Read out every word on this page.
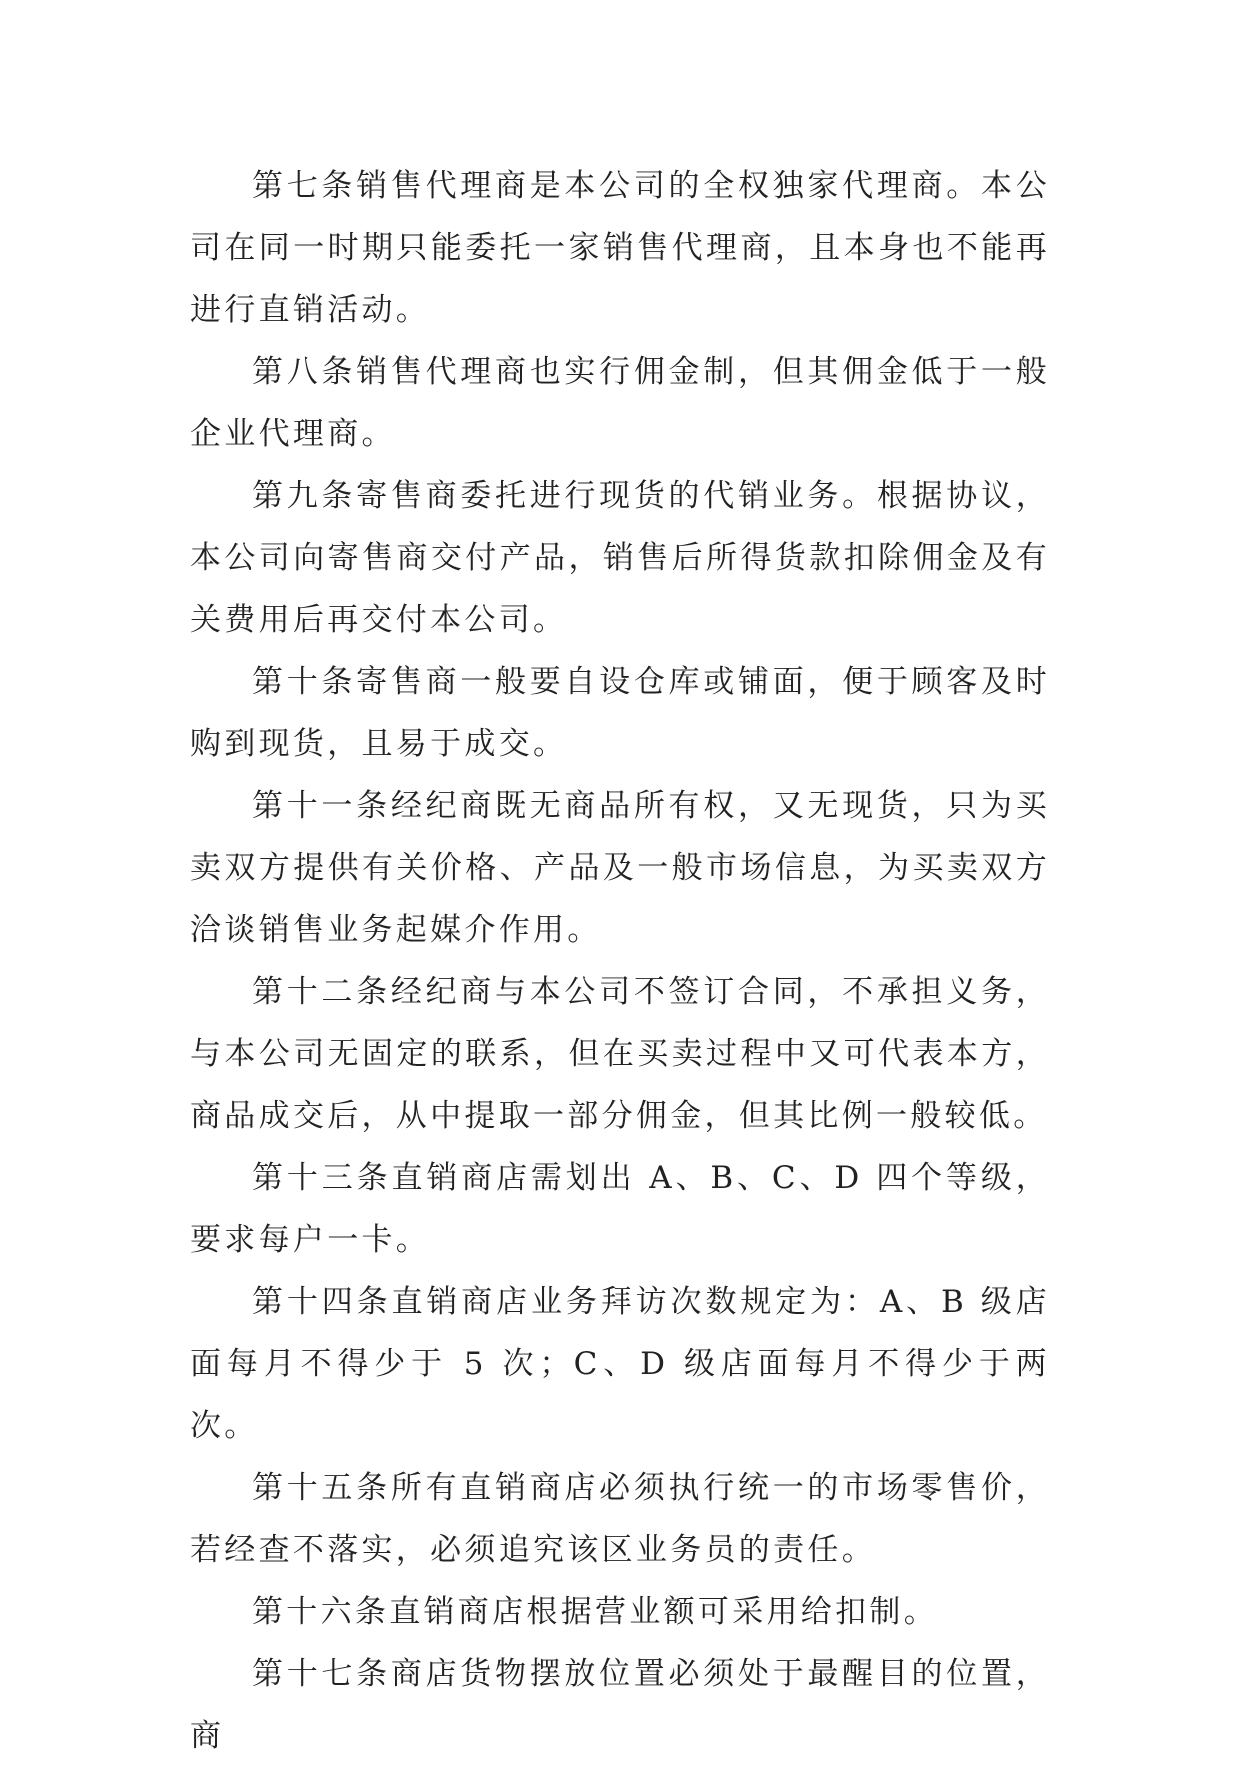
第七条销售代理商是本公司的全权独家代理商。本公司在同一时期只能委托一家销售代理商，且本身也不能再进行直销活动。

第八条销售代理商也实行佣金制，但其佣金低于一般企业代理商。

第九条寄售商委托进行现货的代销业务。根据协议，本公司向寄售商交付产品，销售后所得货款扣除佣金及有关费用后再交付本公司。

第十条寄售商一般要自设仓库或铺面，便于顾客及时购到现货，且易于成交。

第十一条经纪商既无商品所有权，又无现货，只为买卖双方提供有关价格、产品及一般市场信息，为买卖双方洽谈销售业务起媒介作用。

第十二条经纪商与本公司不签订合同，不承担义务，与本公司无固定的联系，但在买卖过程中又可代表本方，商品成交后，从中提取一部分佣金，但其比例一般较低。

第十三条直销商店需划出 A、B、C、D 四个等级，要求每户一卡。

第十四条直销商店业务拜访次数规定为：A、B 级店面每月不得少于 5 次；C、D 级店面每月不得少于两次。

第十五条所有直销商店必须执行统一的市场零售价，若经查不落实，必须追究该区业务员的责任。

第十六条直销商店根据营业额可采用给扣制。

第十七条商店货物摆放位置必须处于最醒目的位置，商
